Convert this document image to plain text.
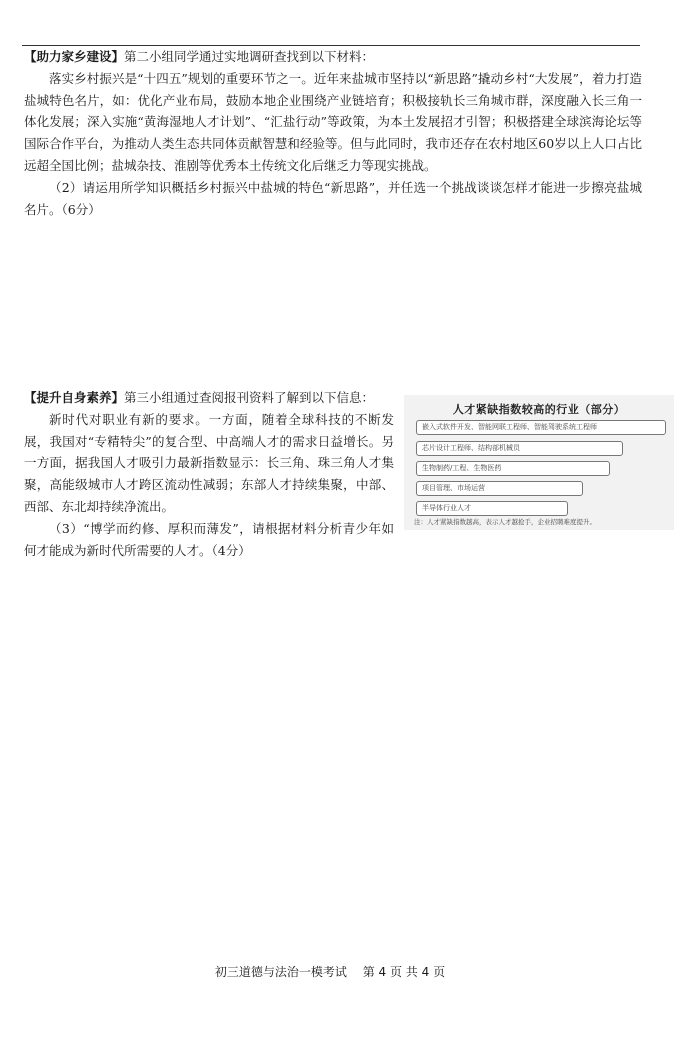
【助力家乡建设】第二小组同学通过实地调研查找到以下材料：

落实乡村振兴是“十四五”规划的重要环节之一。近年来盐城市坚持以“新思路”撬动乡村“大发展”，着力打造盐城特色名片，如：优化产业布局，鼓励本地企业围绕产业链培育；积极接轨长三角城市群，深度融入长三角一体化发展；深入实施“黄海湿地人才计划”、“汇盐行动”等政策，为本土发展招才引智；积极搭建全球滨海论坛等国际合作平台，为推动人类生态共同体贡献智慧和经验等。但与此同时，我市还存在农村地区60岁以上人口占比远超全国比例；盐城杂技、淮剧等优秀本土传统文化后继乏力等现实挑战。

（2）请运用所学知识概括乡村振兴中盐城的特色“新思路”，并任选一个挑战谈谈怎样才能进一步擦亮盐城名片。（6分）

【提升自身素养】第三小组通过查阅报刊资料了解到以下信息：

新时代对职业有新的要求。一方面，随着全球科技的不断发展，我国对“专精特尖”的复合型、中高端人才的需求日益增长。另一方面，据我国人才吸引力最新指数显示：长三角、珠三角人才集聚，高能级城市人才跨区流动性减弱；东部人才持续集聚，中部、西部、东北却持续净流出。

（3）“博学而约修、厚积而薄发”，请根据材料分析青少年如何才能成为新时代所需要的人才。（4分）

人才紧缺指数较高的行业（部分）
嵌入式软件开发、智能网联工程师、智能驾驶系统工程师
芯片设计工程师、结构部机械员
生物制药/工程、生物医药
项目管理、市场运营
半导体行业人才
注：人才紧缺指数越高，表示人才越抢手，企业招聘难度提升。
初三道德与法治一模考试　 第 4 页 共 4 页
